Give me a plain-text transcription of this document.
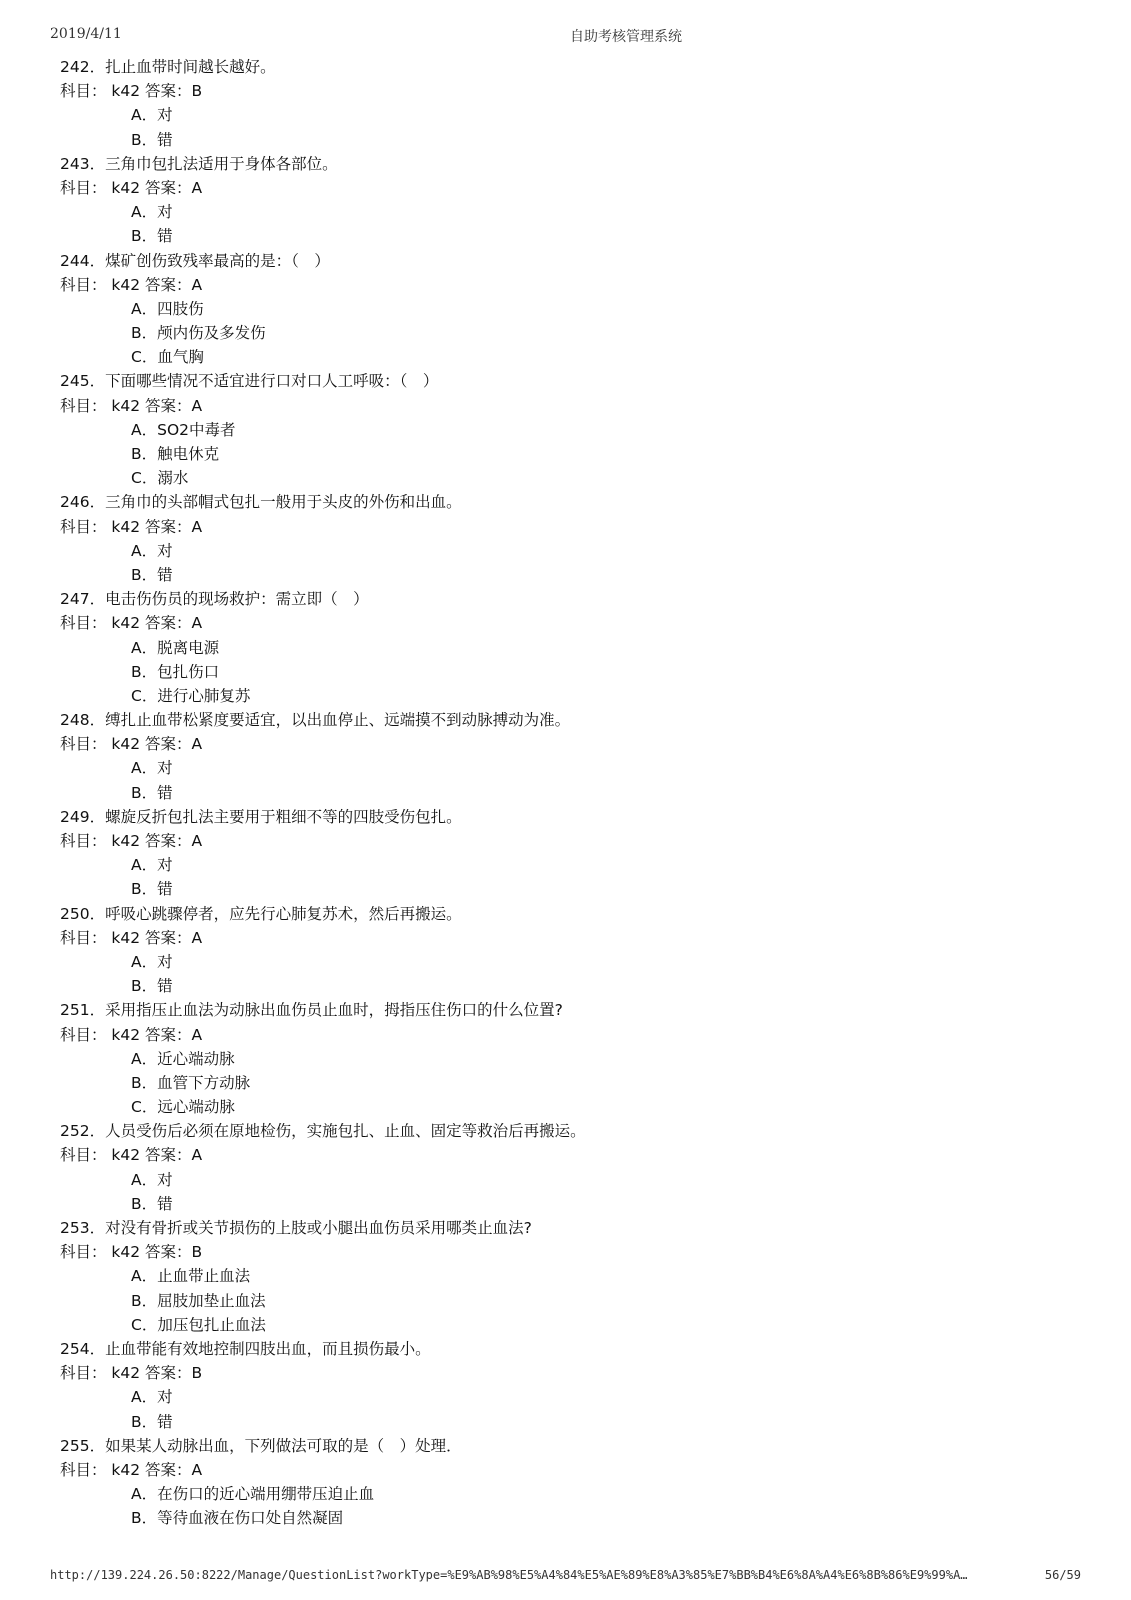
2019/4/11	自助考核管理系统
242．扎止血带时间越长越好。
科目： k42 答案：B
A．对
B．错
243．三角巾包扎法适用于身体各部位。
科目： k42 答案：A
A．对
B．错
244．煤矿创伤致残率最高的是：（　）
科目： k42 答案：A
A．四肢伤
B．颅内伤及多发伤
C．血气胸
245．下面哪些情况不适宜进行口对口人工呼吸：（　）
科目： k42 答案：A
A．SO2中毒者
B．触电休克
C．溺水
246．三角巾的头部帽式包扎一般用于头皮的外伤和出血。
科目： k42 答案：A
A．对
B．错
247．电击伤伤员的现场救护：需立即（　）
科目： k42 答案：A
A．脱离电源
B．包扎伤口
C．进行心肺复苏
248．缚扎止血带松紧度要适宜，以出血停止、远端摸不到动脉搏动为准。
科目： k42 答案：A
A．对
B．错
249．螺旋反折包扎法主要用于粗细不等的四肢受伤包扎。
科目： k42 答案：A
A．对
B．错
250．呼吸心跳骤停者，应先行心肺复苏术，然后再搬运。
科目： k42 答案：A
A．对
B．错
251．采用指压止血法为动脉出血伤员止血时，拇指压住伤口的什么位置?
科目： k42 答案：A
A．近心端动脉
B．血管下方动脉
C．远心端动脉
252．人员受伤后必须在原地检伤，实施包扎、止血、固定等救治后再搬运。
科目： k42 答案：A
A．对
B．错
253．对没有骨折或关节损伤的上肢或小腿出血伤员采用哪类止血法?
科目： k42 答案：B
A．止血带止血法
B．屈肢加垫止血法
C．加压包扎止血法
254．止血带能有效地控制四肢出血，而且损伤最小。
科目： k42 答案：B
A．对
B．错
255．如果某人动脉出血，下列做法可取的是（　）处理．
科目： k42 答案：A
A．在伤口的近心端用绷带压迫止血
B．等待血液在伤口处自然凝固
http://139.224.26.50:8222/Manage/QuestionList?workType=%E9%AB%98%E5%A4%84%E5%AE%89%E8%A3%85%E7%BB%B4%E6%8A%A4%E6%8B%86%E9%99%A…	56/59
